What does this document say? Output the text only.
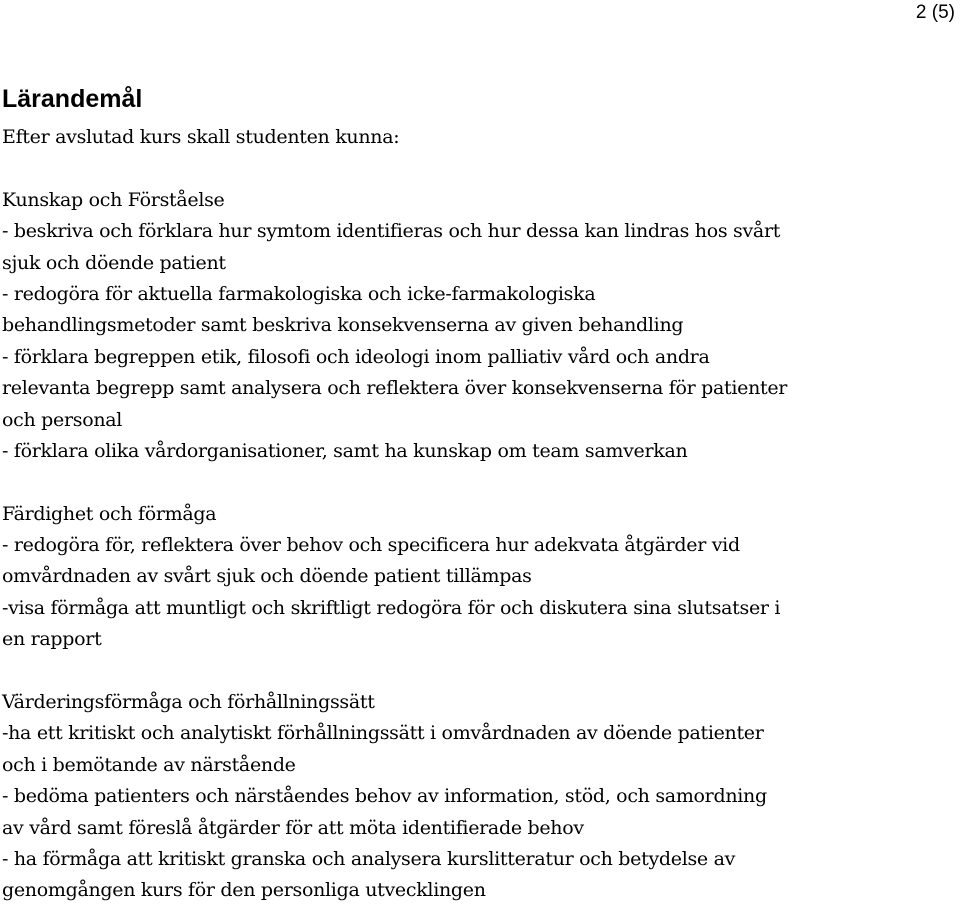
2 (5)
Lärandemål
Efter avslutad kurs skall studenten kunna:
Kunskap och Förståelse
- beskriva och förklara hur symtom identifieras och hur dessa kan lindras hos svårt
sjuk och döende patient
- redogöra för aktuella farmakologiska och icke-farmakologiska
behandlingsmetoder samt beskriva konsekvenserna av given behandling
- förklara begreppen etik, filosofi och ideologi inom palliativ vård och andra
relevanta begrepp samt analysera och reflektera över konsekvenserna för patienter
och personal
- förklara olika vårdorganisationer, samt ha kunskap om team samverkan
Färdighet och förmåga
- redogöra för, reflektera över behov och specificera hur adekvata åtgärder vid
omvårdnaden av svårt sjuk och döende patient tillämpas
-visa förmåga att muntligt och skriftligt redogöra för och diskutera sina slutsatser i
en rapport
Värderingsförmåga och förhållningssätt
-ha ett kritiskt och analytiskt förhållningssätt i omvårdnaden av döende patienter
och i bemötande av närstående
- bedöma patienters och närståendes behov av information, stöd, och samordning
av vård samt föreslå åtgärder för att möta identifierade behov
- ha förmåga att kritiskt granska och analysera kurslitteratur och betydelse av
genomgången kurs för den personliga utvecklingen
